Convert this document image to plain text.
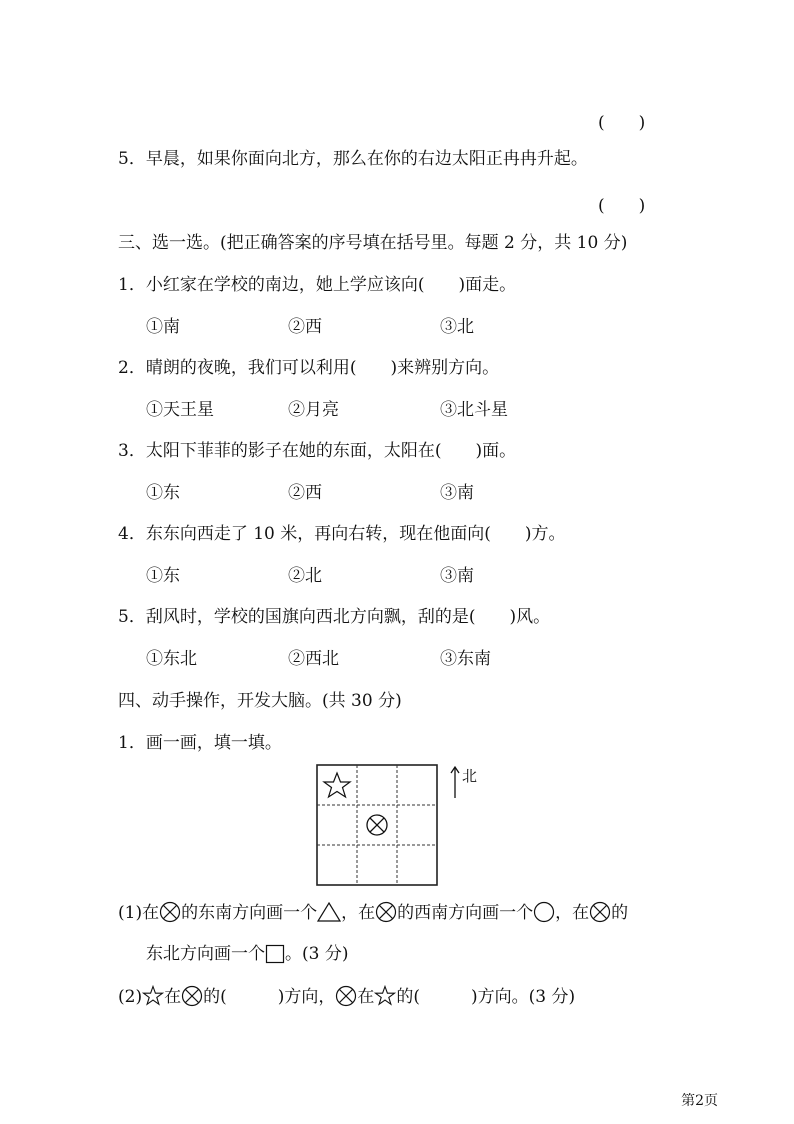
(　　)
5．早晨，如果你面向北方，那么在你的右边太阳正冉冉升起。
(　　)
三、选一选。(把正确答案的序号填在括号里。每题 2 分，共 10 分)
1．小红家在学校的南边，她上学应该向(　　)面走。
①南	②西	③北
2．晴朗的夜晚，我们可以利用(　　)来辨别方向。
①天王星	②月亮	③北斗星
3．太阳下菲菲的影子在她的东面，太阳在(　　)面。
①东	②西	③南
4．东东向西走了 10 米，再向右转，现在他面向(　　)方。
①东	②北	③南
5．刮风时，学校的国旗向西北方向飘，刮的是(　　)风。
①东北	②西北	③东南
四、动手操作，开发大脑。(共 30 分)
1．画一画，填一填。
北
(1)在 的东南方向画一个 ，在 的西南方向画一个 ，在 的
东北方向画一个 。(3 分)
(2) 在 的(　　　)方向， 在 的(　　　)方向。(3 分)
第2页
